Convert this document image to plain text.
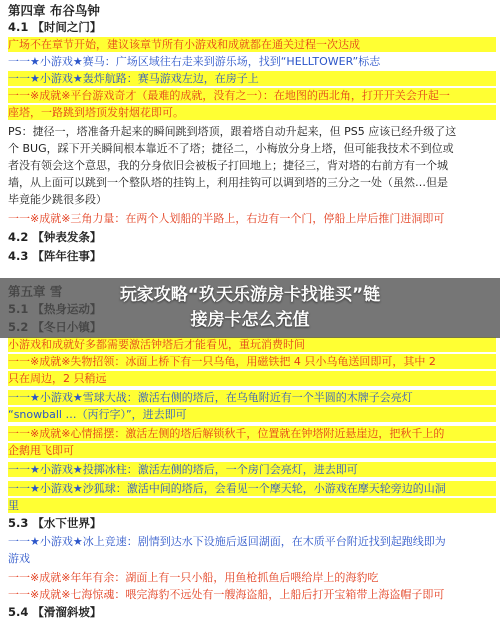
第四章 布谷鸟钟
4.1 【时间之门】
广场不在章节开始，建议该章节所有小游戏和成就都在通关过程一次达成
一一★小游戏★赛马：广场区域往右走来到游乐场，找到“HELLTOWER”标志
一一★小游戏★轰炸航路：赛马游戏左边，在房子上
一一※成就※平台游戏奇才（最难的成就，没有之一）：在地图的西北角，打开开关会升起一
座塔，一路跳到塔顶发射烟花即可。
PS：捷径一，塔准备升起来的瞬间跳到塔顶，跟着塔自动升起来，但 PS5 应该已经升级了这
个 BUG，踩下开关瞬间根本靠近不了塔；捷径二，小梅放分身上塔，但可能我技术不到位或
者没有领会这个意思，我的分身依旧会被板子打回地上；捷径三，背对塔的右前方有一个城
墙，从上面可以跳到一个整队塔的挂钩上，利用挂钩可以调到塔的三分之一处（虽然…但是
毕竟能少跳很多段）
一一※成就※三角力量：在两个人划船的半路上，右边有一个门，停船上岸后推门进洞即可
4.2 【钟表发条】
4.3 【阵年往事】
小游戏和成就好多都需要激活钟塔后才能看见，重玩消费时间
一一※成就※失物招领：冰面上桥下有一只乌龟，用磁铁把 4 只小乌龟送回即可，其中 2
只在周边，2 只稍远
一一★小游戏★雪球大战：激活右侧的塔后，在乌龟附近有一个半圆的木牌子会亮灯
“snowball …（丙行字）”，进去即可
一一※成就※心情摇摆：激活左侧的塔后解锁秋千，位置就在钟塔附近悬崖边，把秋千上的
企鹅甩飞即可
一一★小游戏★投掷冰柱：激活左侧的塔后，一个房门会亮灯，进去即可
一一★小游戏★沙狐球：激活中间的塔后，会看见一个摩天轮，小游戏在摩天轮旁边的山洞
里
5.3 【水下世界】
一一★小游戏★冰上竞速：剧情到达水下设施后返回湖面，在木质平台附近找到起跑线即为
游戏
一一※成就※年年有余：湖面上有一只小船，用鱼枪抓鱼后喂给岸上的海豹吃
一一※成就※七海惊魂：喂完海豹不远处有一艘海盗船，上船后打开宝箱带上海盗帽子即可
5.4 【滑溜斜坡】
玩家攻略“玖天乐游房卡找谁买”链
接房卡怎么充值
